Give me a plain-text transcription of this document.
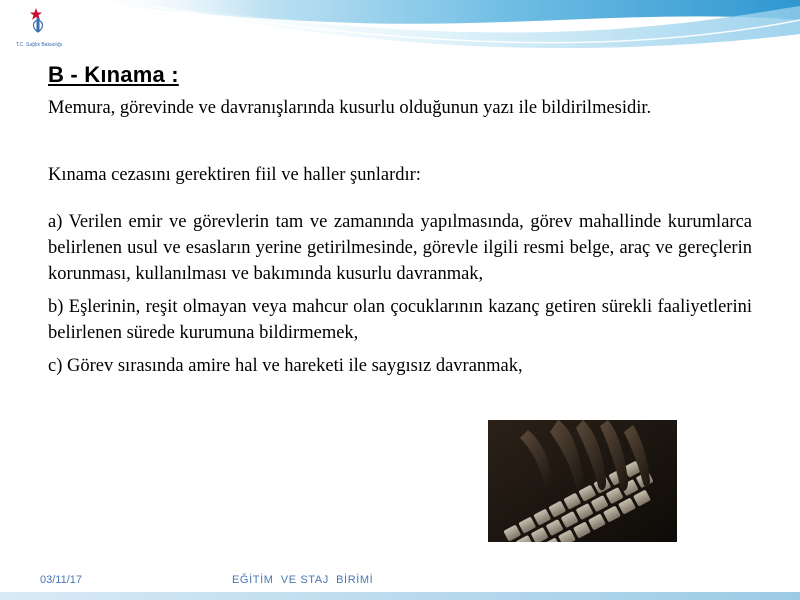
T.C. Sağlık Bakanlığı
B - Kınama :
Memura, görevinde ve davranışlarında kusurlu olduğunun yazı ile bildirilmesidir.
Kınama cezasını gerektiren fiil ve haller şunlardır:

a) Verilen emir ve görevlerin tam ve zamanında yapılmasında, görev mahallinde kurumlarca belirlenen usul ve esasların yerine getirilmesinde, görevle ilgili resmi belge, araç ve gereçlerin korunması, kullanılması ve bakımında kusurlu davranmak,

b) Eşlerinin, reşit olmayan veya mahcur olan çocuklarının kazanç getiren sürekli faaliyetlerini belirlenen sürede kurumuna bildirmemek,

c) Görev sırasında amire hal ve hareketi ile saygısız davranmak,

03/11/17	EĞİTİM  VE STAJ  BİRİMİ
